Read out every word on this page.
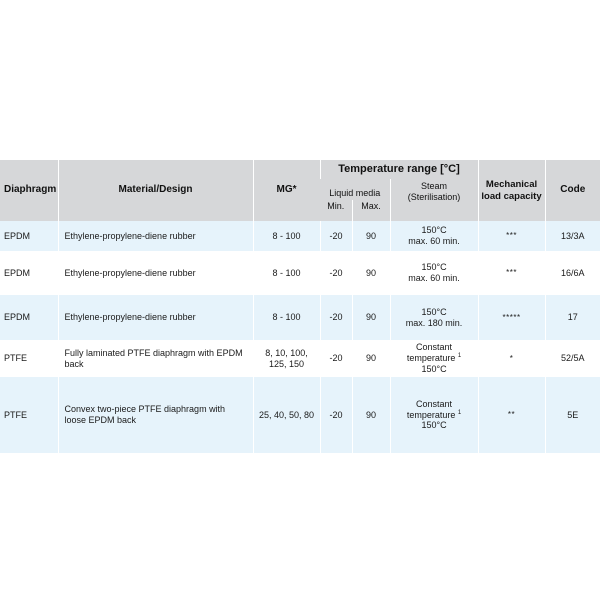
Diaphragm	Material/Design	MG*	Temperature range [°C]			Mechanical
load capacity	Code
			Liquid media		Steam
(Sterilisation)		
			Min.	Max.			
EPDM	Ethylene-propylene-diene rubber	8 - 100	-20	90	150°C
max. 60 min.	***	13/3A
EPDM	Ethylene-propylene-diene rubber	8 - 100	-20	90	150°C
max. 60 min.	***	16/6A
EPDM	Ethylene-propylene-diene rubber	8 - 100	-20	90	150°C
max. 180 min.	*****	17
PTFE	Fully laminated PTFE diaphragm with EPDM
back	8, 10, 100,
125, 150	-20	90	Constant
temperature $^1$
150°C	*	52/5A
PTFE	Convex two-piece PTFE diaphragm with
loose EPDM back	25, 40, 50, 80	-20	90	Constant
temperature $^1$
150°C	**	5E
